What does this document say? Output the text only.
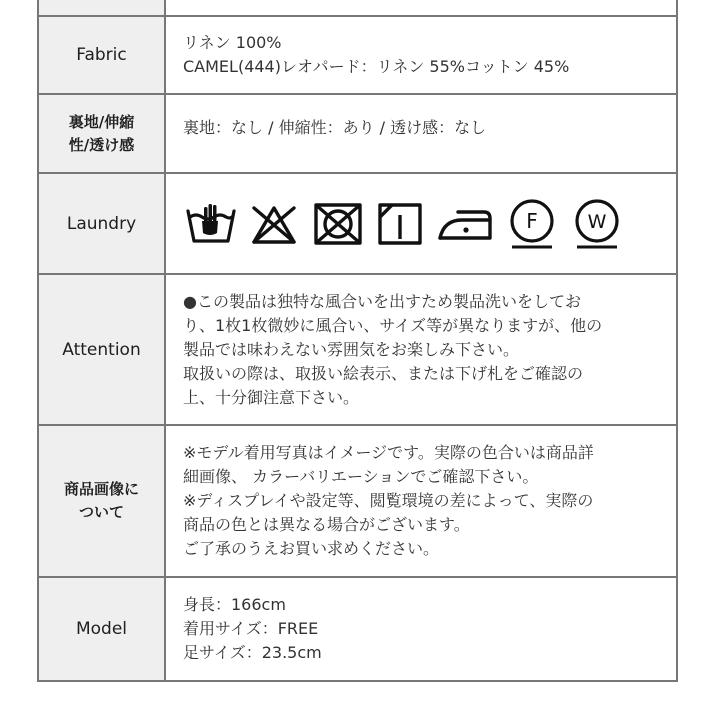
Fabric
リネン 100%
CAMEL(444)レオパード：リネン 55%コットン 45%
裏地/伸縮
性/透け感
裏地：なし / 伸縮性：あり / 透け感：なし
Laundry	F	W
Attention
●この製品は独特な風合いを出すため製品洗いをしてお
り、1枚1枚微妙に風合い、サイズ等が異なりますが、他の
製品では味わえない雰囲気をお楽しみ下さい。
取扱いの際は、取扱い絵表示、または下げ札をご確認の
上、十分御注意下さい。
商品画像に
ついて
※モデル着用写真はイメージです。実際の色合いは商品詳
細画像、 カラーバリエーションでご確認下さい。
※ディスプレイや設定等、閲覧環境の差によって、実際の
商品の色とは異なる場合がございます。
ご了承のうえお買い求めください。
Model
身長：166cm
着用サイズ：FREE
足サイズ：23.5cm
